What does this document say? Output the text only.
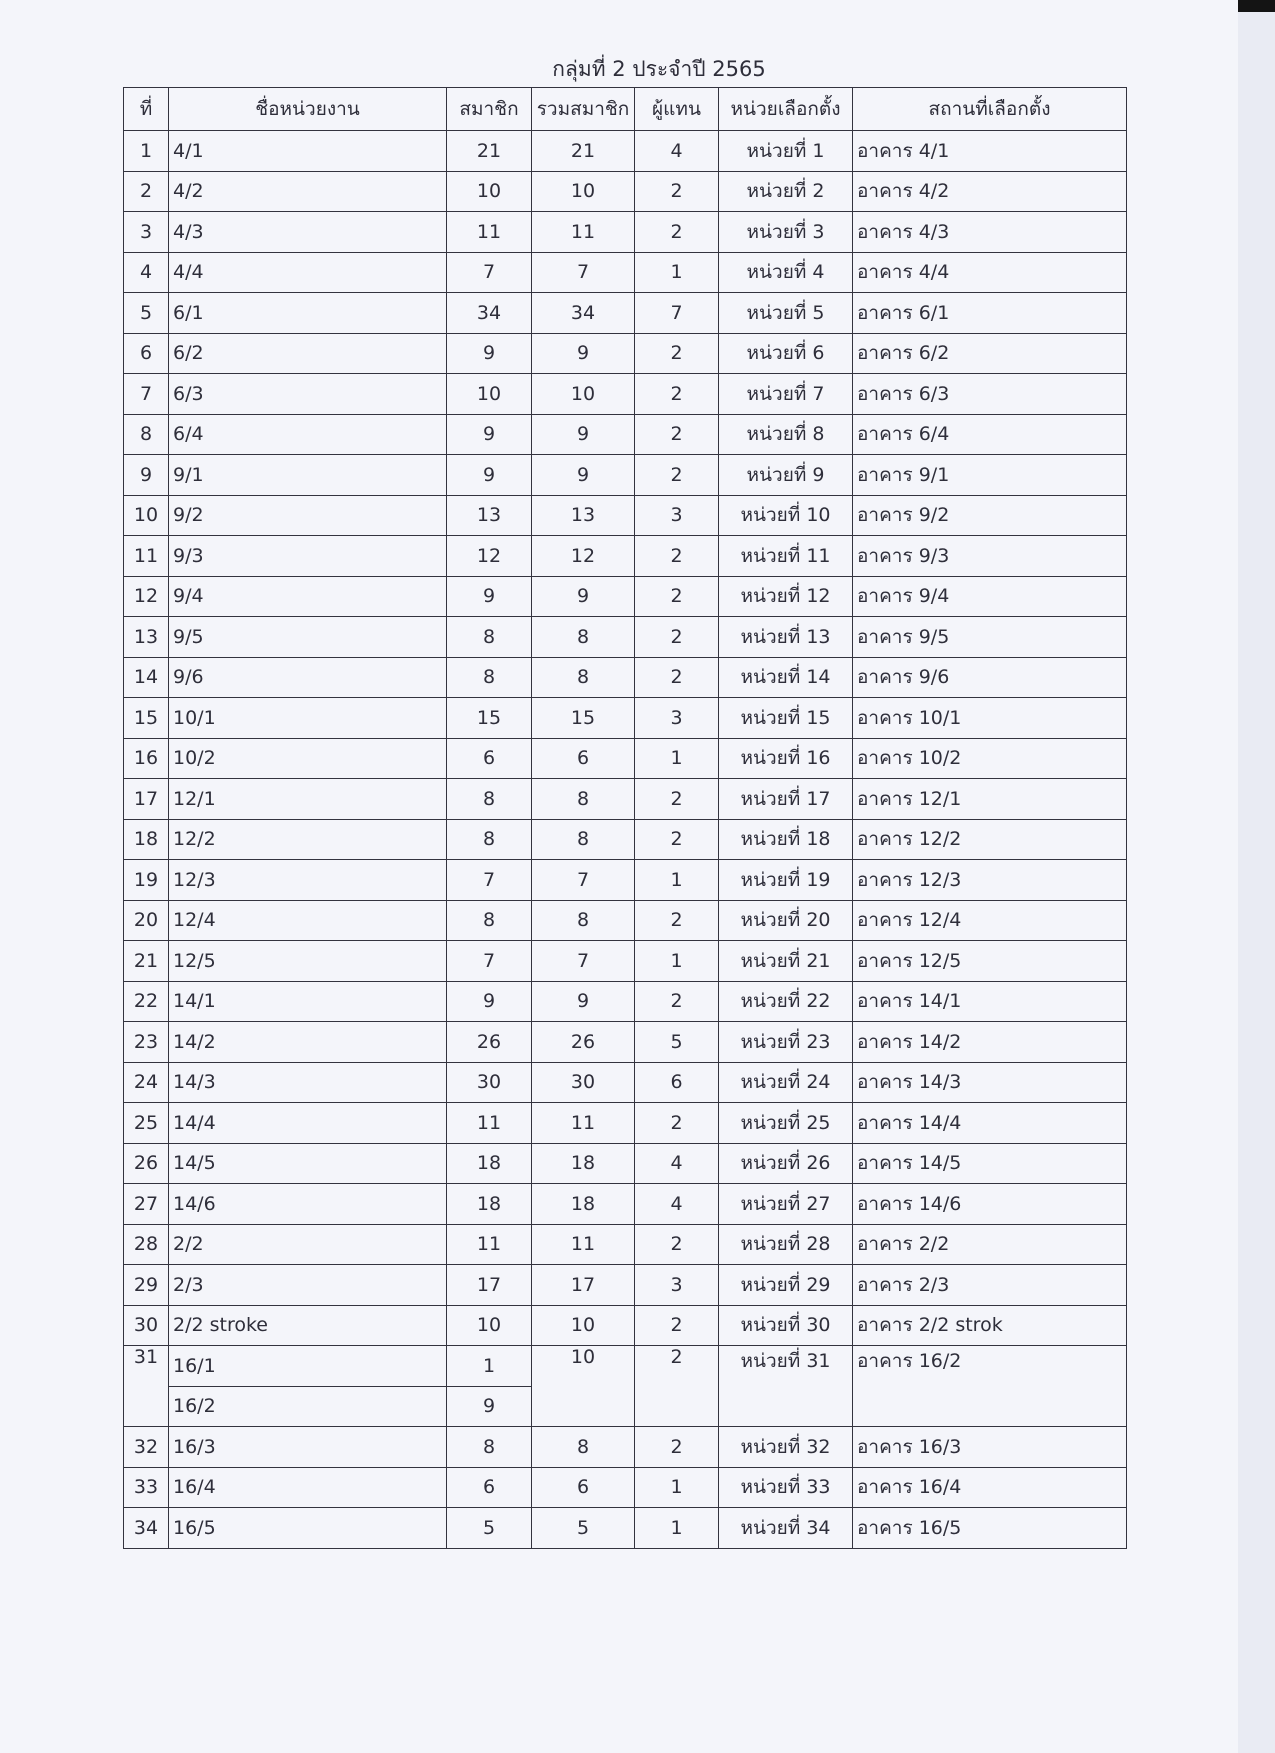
กลุ่มที่ 2 ประจำปี 2565
ที่	ชื่อหน่วยงาน	สมาชิก	รวมสมาชิก	ผู้แทน	หน่วยเลือกตั้ง	สถานที่เลือกตั้ง
1	4/1	21	21	4	หน่วยที่ 1	อาคาร 4/1
2	4/2	10	10	2	หน่วยที่ 2	อาคาร 4/2
3	4/3	11	11	2	หน่วยที่ 3	อาคาร 4/3
4	4/4	7	7	1	หน่วยที่ 4	อาคาร 4/4
5	6/1	34	34	7	หน่วยที่ 5	อาคาร 6/1
6	6/2	9	9	2	หน่วยที่ 6	อาคาร 6/2
7	6/3	10	10	2	หน่วยที่ 7	อาคาร 6/3
8	6/4	9	9	2	หน่วยที่ 8	อาคาร 6/4
9	9/1	9	9	2	หน่วยที่ 9	อาคาร 9/1
10	9/2	13	13	3	หน่วยที่ 10	อาคาร 9/2
11	9/3	12	12	2	หน่วยที่ 11	อาคาร 9/3
12	9/4	9	9	2	หน่วยที่ 12	อาคาร 9/4
13	9/5	8	8	2	หน่วยที่ 13	อาคาร 9/5
14	9/6	8	8	2	หน่วยที่ 14	อาคาร 9/6
15	10/1	15	15	3	หน่วยที่ 15	อาคาร 10/1
16	10/2	6	6	1	หน่วยที่ 16	อาคาร 10/2
17	12/1	8	8	2	หน่วยที่ 17	อาคาร 12/1
18	12/2	8	8	2	หน่วยที่ 18	อาคาร 12/2
19	12/3	7	7	1	หน่วยที่ 19	อาคาร 12/3
20	12/4	8	8	2	หน่วยที่ 20	อาคาร 12/4
21	12/5	7	7	1	หน่วยที่ 21	อาคาร 12/5
22	14/1	9	9	2	หน่วยที่ 22	อาคาร 14/1
23	14/2	26	26	5	หน่วยที่ 23	อาคาร 14/2
24	14/3	30	30	6	หน่วยที่ 24	อาคาร 14/3
25	14/4	11	11	2	หน่วยที่ 25	อาคาร 14/4
26	14/5	18	18	4	หน่วยที่ 26	อาคาร 14/5
27	14/6	18	18	4	หน่วยที่ 27	อาคาร 14/6
28	2/2	11	11	2	หน่วยที่ 28	อาคาร 2/2
29	2/3	17	17	3	หน่วยที่ 29	อาคาร 2/3
30	2/2 stroke	10	10	2	หน่วยที่ 30	อาคาร 2/2 strok
31	16/1	1	10	2	หน่วยที่ 31	อาคาร 16/2
	16/2	9				
32	16/3	8	8	2	หน่วยที่ 32	อาคาร 16/3
33	16/4	6	6	1	หน่วยที่ 33	อาคาร 16/4
34	16/5	5	5	1	หน่วยที่ 34	อาคาร 16/5
